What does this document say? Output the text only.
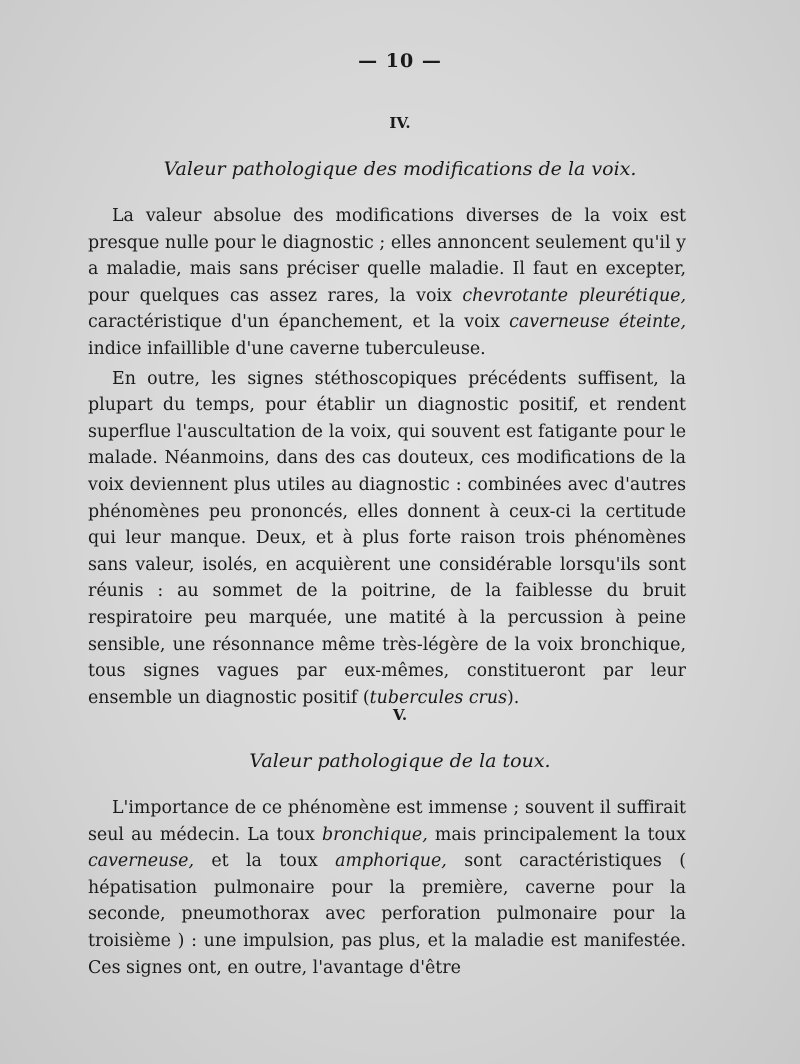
— 10 —
IV.
Valeur pathologique des modifications de la voix.

La valeur absolue des modifications diverses de la voix est presque nulle pour le diagnostic ; elles annoncent seulement qu'il y a maladie, mais sans préciser quelle maladie. Il faut en excepter, pour quelques cas assez rares, la voix chevrotante pleurétique, caractéristique d'un épanchement, et la voix caverneuse éteinte, indice infaillible d'une caverne tuberculeuse.

En outre, les signes stéthoscopiques précédents suffisent, la plupart du temps, pour établir un diagnostic positif, et rendent superflue l'auscultation de la voix, qui souvent est fatigante pour le malade. Néanmoins, dans des cas douteux, ces modifications de la voix deviennent plus utiles au diagnostic : combinées avec d'autres phénomènes peu prononcés, elles donnent à ceux-ci la certitude qui leur manque. Deux, et à plus forte raison trois phénomènes sans valeur, isolés, en acquièrent une considérable lorsqu'ils sont réunis : au sommet de la poitrine, de la faiblesse du bruit respiratoire peu marquée, une matité à la percussion à peine sensible, une résonnance même très-légère de la voix bronchique, tous signes vagues par eux-mêmes, constitueront par leur ensemble un diagnostic positif (tubercules crus).

V.
Valeur pathologique de la toux.

L'importance de ce phénomène est immense ; souvent il suffirait seul au médecin. La toux bronchique, mais principalement la toux caverneuse, et la toux amphorique, sont caractéristiques ( hépatisation pulmonaire pour la première, caverne pour la seconde, pneumothorax avec perforation pulmonaire pour la troisième ) : une impulsion, pas plus, et la maladie est manifestée. Ces signes ont, en outre, l'avantage d'être
